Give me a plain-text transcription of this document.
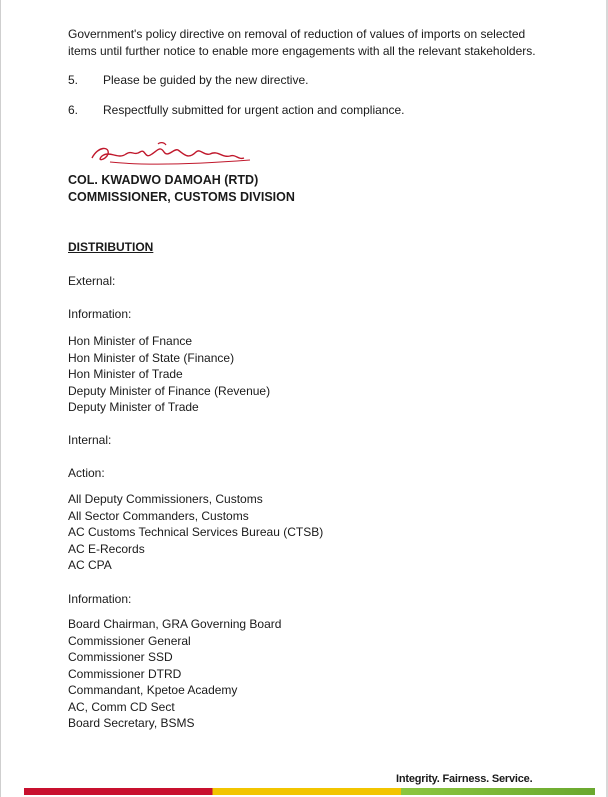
Government's policy directive on removal of reduction of values of imports on selected
items until further notice to enable more engagements with all the relevant stakeholders.
5.	Please be guided by the new directive.
6.	Respectfully submitted for urgent action and compliance.
COL. KWADWO DAMOAH (RTD)
COMMISSIONER, CUSTOMS DIVISION
DISTRIBUTION
External:
Information:
Hon Minister of Fnance
Hon Minister of State (Finance)
Hon Minister of Trade
Deputy Minister of Finance (Revenue)
Deputy Minister of Trade
Internal:
Action:
All Deputy Commissioners, Customs
All Sector Commanders, Customs
AC Customs Technical Services Bureau (CTSB)
AC E-Records
AC CPA
Information:
Board Chairman, GRA Governing Board
Commissioner General
Commissioner SSD
Commissioner DTRD
Commandant, Kpetoe Academy
AC, Comm CD Sect
Board Secretary, BSMS
Integrity. Fairness. Service.
